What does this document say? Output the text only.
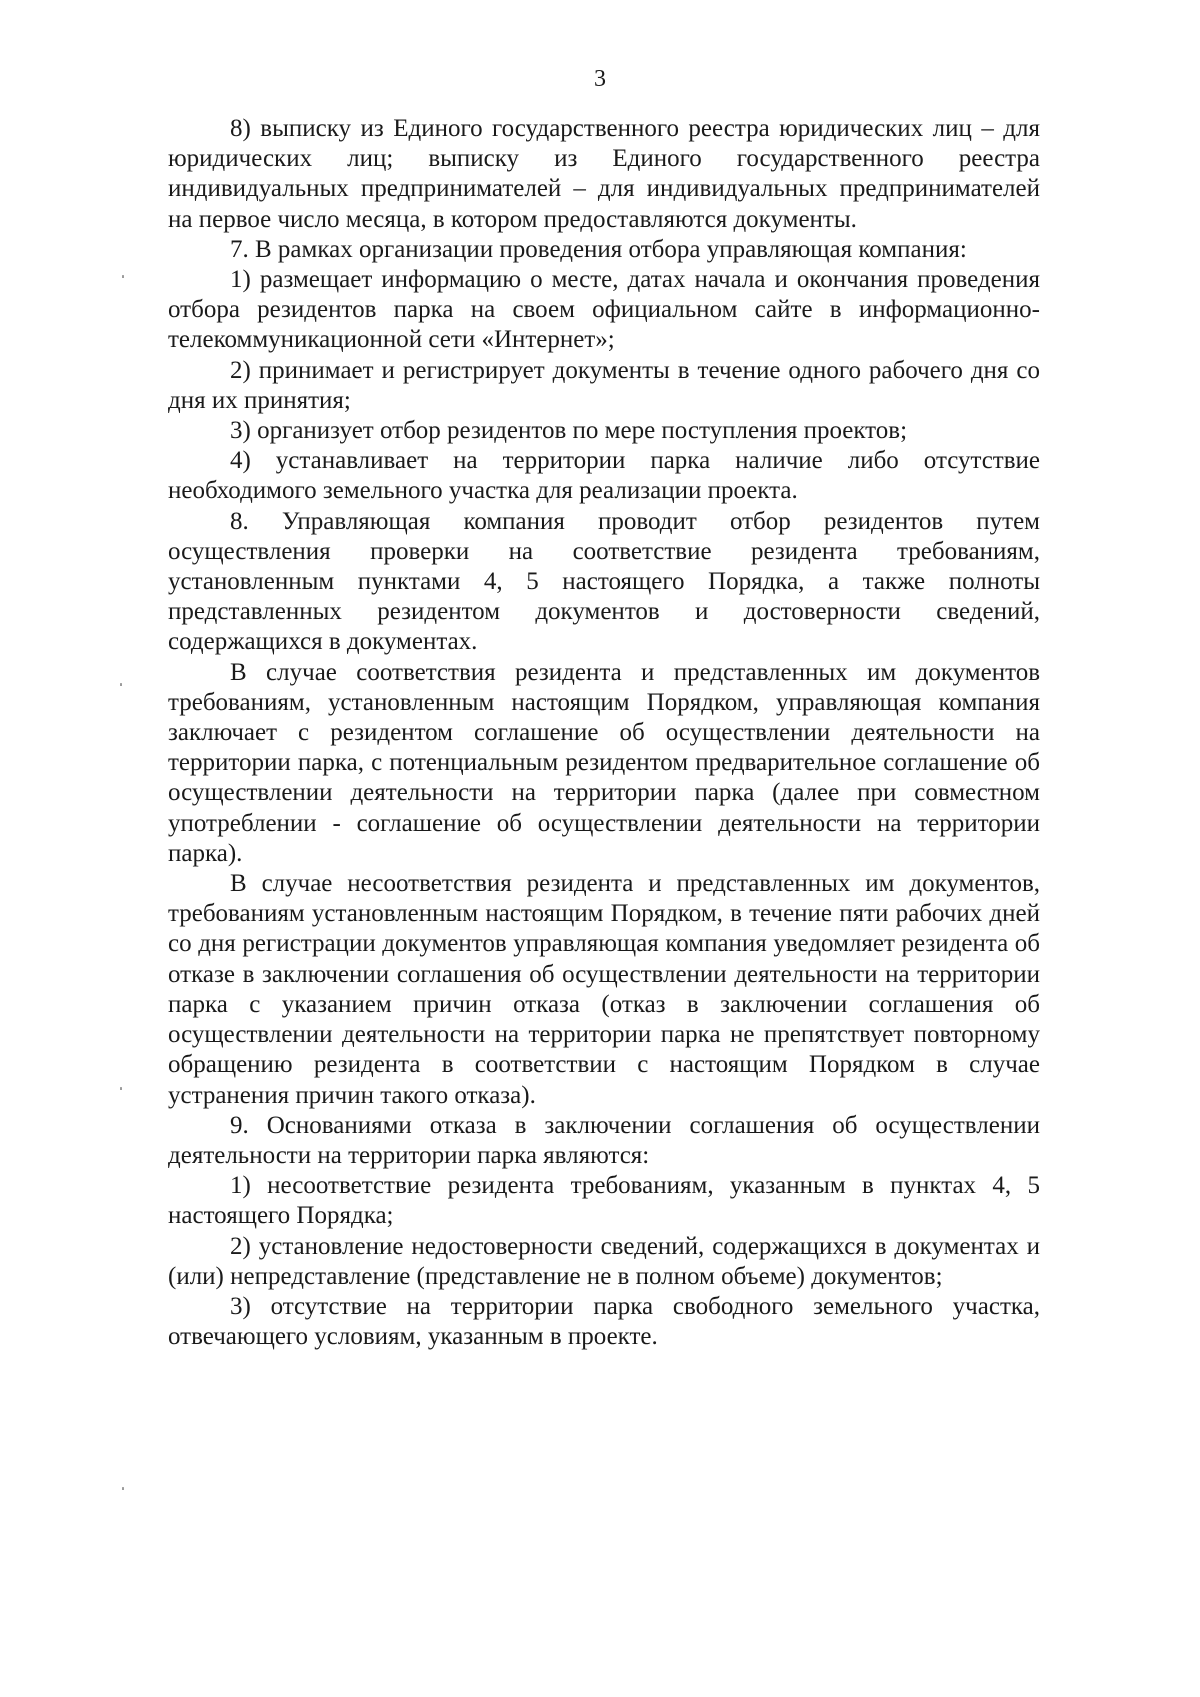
3

8) выписку из Единого государственного реестра юридических лиц – для юридических лиц; выписку из Единого государственного реестра индивидуальных предпринимателей – для индивидуальных предпринимателей на первое число месяца, в котором предоставляются документы.

7. В рамках организации проведения отбора управляющая компания:

1) размещает информацию о месте, датах начала и окончания проведения отбора резидентов парка на своем официальном сайте в информационно-телекоммуникационной сети «Интернет»;

2) принимает и регистрирует документы в течение одного рабочего дня со дня их принятия;

3) организует отбор резидентов по мере поступления проектов;

4) устанавливает на территории парка наличие либо отсутствие необходимого земельного участка для реализации проекта.

8. Управляющая компания проводит отбор резидентов путем осуществления проверки на соответствие резидента требованиям, установленным пунктами 4, 5 настоящего Порядка, а также полноты представленных резидентом документов и достоверности сведений, содержащихся в документах.

В случае соответствия резидента и представленных им документов требованиям, установленным настоящим Порядком, управляющая компания заключает с резидентом соглашение об осуществлении деятельности на территории парка, с потенциальным резидентом предварительное соглашение об осуществлении деятельности на территории парка (далее при совместном употреблении - соглашение об осуществлении деятельности на территории парка).

В случае несоответствия резидента и представленных им документов, требованиям установленным настоящим Порядком, в течение пяти рабочих дней со дня регистрации документов управляющая компания уведомляет резидента об отказе в заключении соглашения об осуществлении деятельности на территории парка с указанием причин отказа (отказ в заключении соглашения об осуществлении деятельности на территории парка не препятствует повторному обращению резидента в соответствии с настоящим Порядком в случае устранения причин такого отказа).

9. Основаниями отказа в заключении соглашения об осуществлении деятельности на территории парка являются:

1) несоответствие резидента требованиям, указанным в пунктах 4, 5 настоящего Порядка;

2) установление недостоверности сведений, содержащихся в документах и (или) непредставление (представление не в полном объеме) документов;

3) отсутствие на территории парка свободного земельного участка, отвечающего условиям, указанным в проекте.

ˌ
ˌ
ˌ
ˌ
